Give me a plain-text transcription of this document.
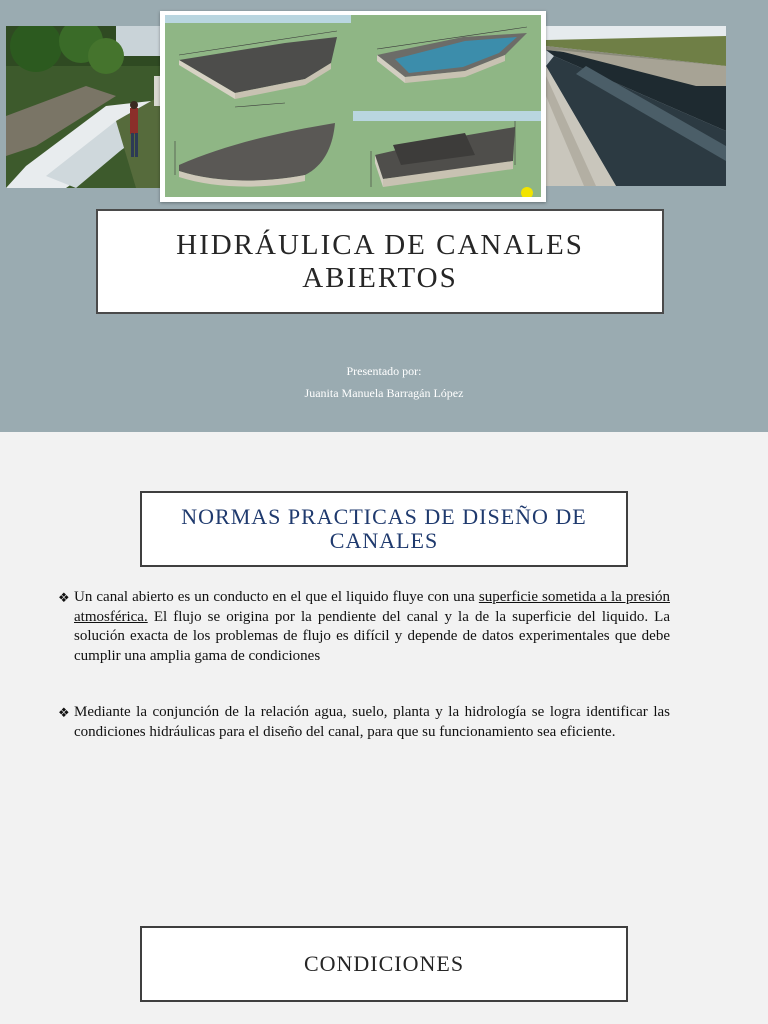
HIDRÁULICA DE CANALES ABIERTOS
Presentado por:
Juanita Manuela Barragán López
NORMAS PRACTICAS DE DISEÑO DE CANALES
❖ Un canal abierto es un conducto en el que el liquido fluye con una superficie sometida a la presión atmosférica. El flujo se origina por la pendiente del canal y la de la superficie del liquido. La solución exacta de los problemas de flujo es difícil y depende de datos experimentales que debe cumplir una amplia gama de condiciones
❖ Mediante la conjunción de la relación agua, suelo, planta y la hidrología se logra identificar las condiciones hidráulicas para el diseño del canal, para que su funcionamiento sea eficiente.
CONDICIONES
